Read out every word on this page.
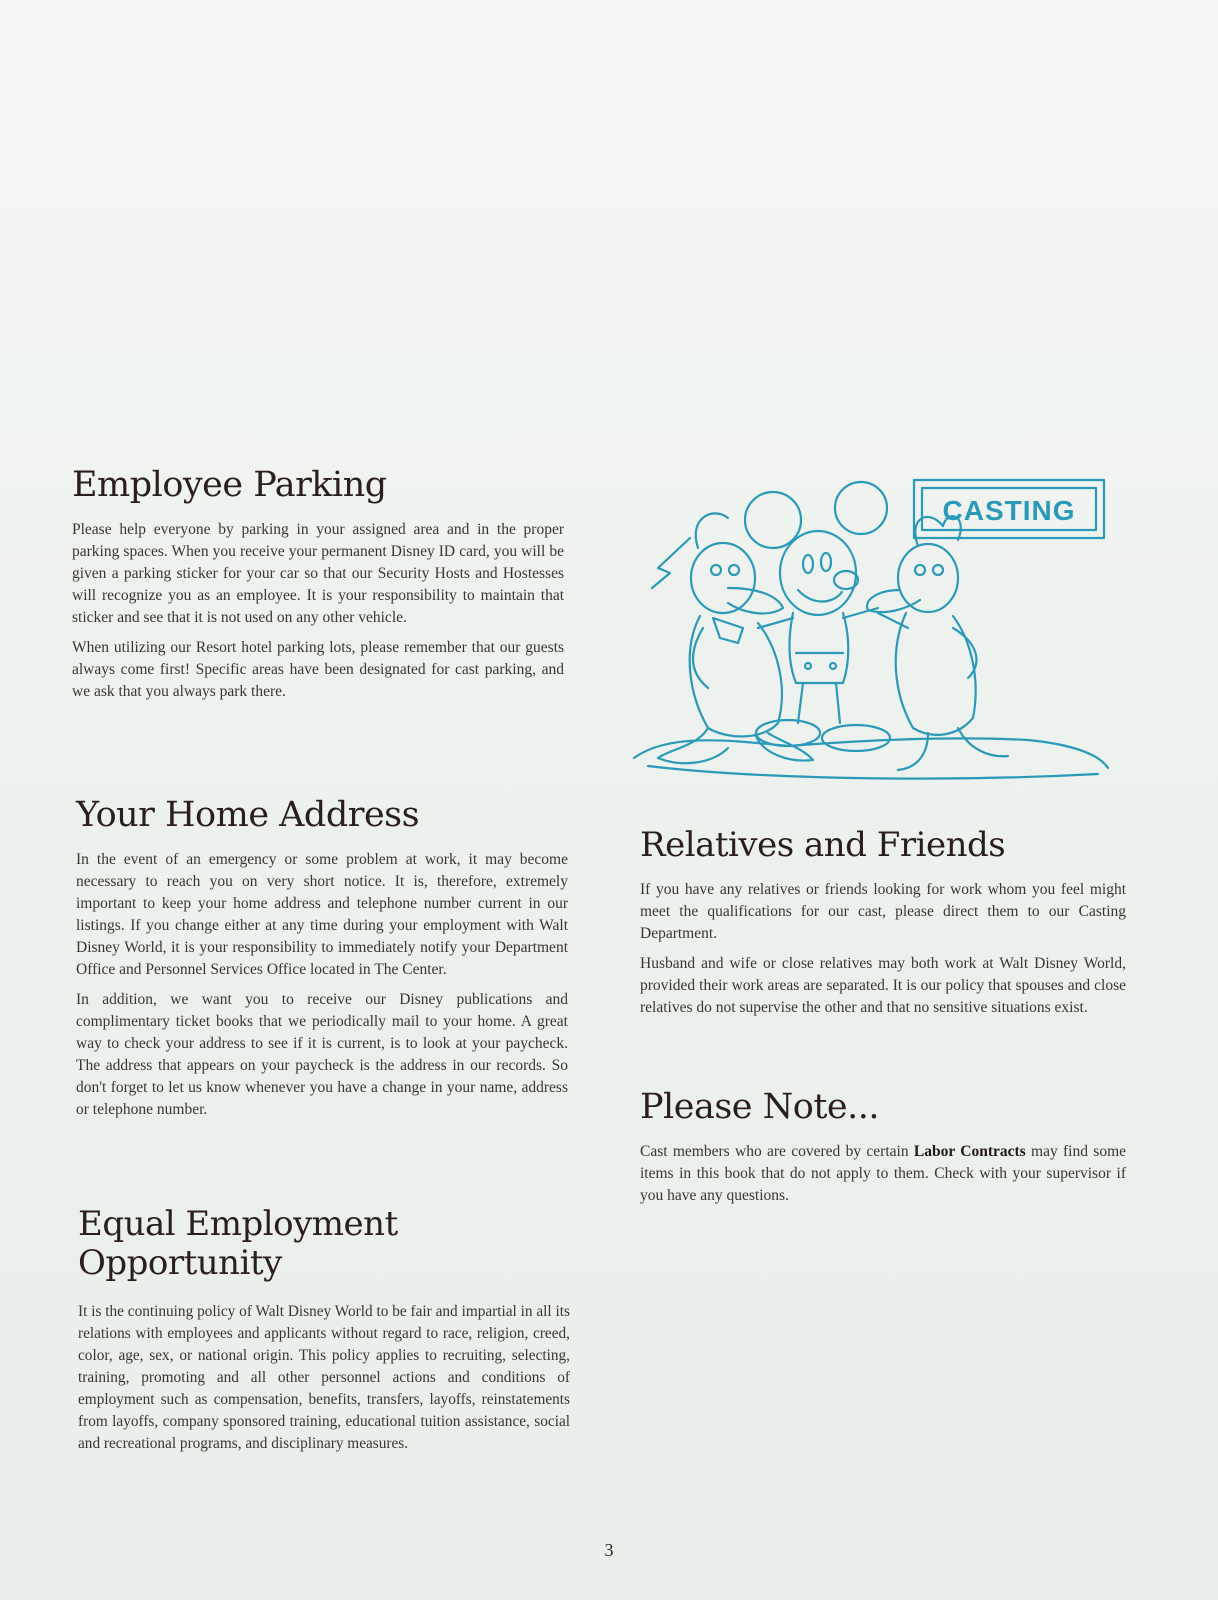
Employee Parking

Please help everyone by parking in your assigned area and in the proper parking spaces. When you receive your permanent Disney ID card, you will be given a parking sticker for your car so that our Security Hosts and Hostesses will recognize you as an employee. It is your responsibility to maintain that sticker and see that it is not used on any other vehicle.

When utilizing our Resort hotel parking lots, please remember that our guests always come first! Specific areas have been designated for cast parking, and we ask that you always park there.

Your Home Address

In the event of an emergency or some problem at work, it may become necessary to reach you on very short notice. It is, therefore, extremely important to keep your home address and telephone number current in our listings. If you change either at any time during your employment with Walt Disney World, it is your responsibility to immediately notify your Department Office and Personnel Services Office located in The Center.

In addition, we want you to receive our Disney publications and complimentary ticket books that we periodically mail to your home. A great way to check your address to see if it is current, is to look at your paycheck. The address that appears on your paycheck is the address in our records. So don't forget to let us know whenever you have a change in your name, address or telephone number.

Equal Employment
Opportunity

It is the continuing policy of Walt Disney World to be fair and impartial in all its relations with employees and applicants without regard to race, religion, creed, color, age, sex, or national origin. This policy applies to recruiting, selecting, training, promoting and all other personnel actions and conditions of employment such as compensation, benefits, transfers, layoffs, reinstatements from layoffs, company sponsored training, educational tuition assistance, social and recreational programs, and disciplinary measures.

CASTING
Relatives and Friends

If you have any relatives or friends looking for work whom you feel might meet the qualifications for our cast, please direct them to our Casting Department.

Husband and wife or close relatives may both work at Walt Disney World, provided their work areas are separated. It is our policy that spouses and close relatives do not supervise the other and that no sensitive situations exist.

Please Note...

Cast members who are covered by certain Labor Contracts may find some items in this book that do not apply to them. Check with your supervisor if you have any questions.

3
